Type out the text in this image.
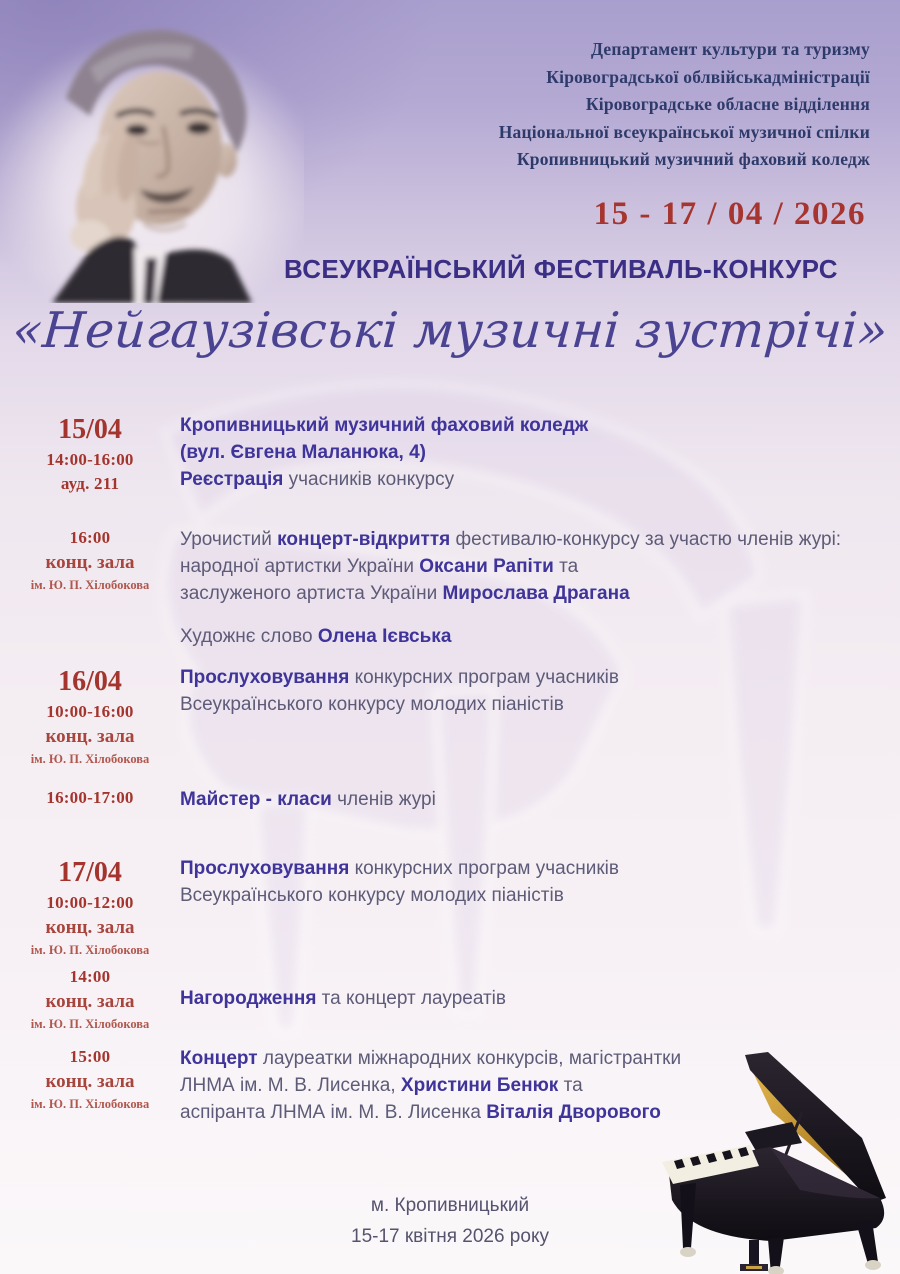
Департамент культури та туризму
Кіровоградської облвійськадміністрації
Кіровоградське обласне відділення
Національної всеукраїнської музичної спілки
Кропивницький музичний фаховий коледж
15 - 17 / 04 / 2026
ВСЕУКРАЇНСЬКИЙ ФЕСТИВАЛЬ-КОНКУРС
«Нейгаузівські музичні зустрічі»
15/04
14:00-16:00
ауд. 211
Кропивницький музичний фаховий коледж
(вул. Євгена Маланюка, 4)
Реєстрація учасників конкурсу
16:00
конц. зала
ім. Ю. П. Хілобокова
Урочистий концерт-відкриття фестивалю-конкурсу за участю членів журі:
народної артистки України Оксани Рапіти та
заслуженого артиста України Мирослава Драгана
Художнє слово Олена Ієвська
16/04
10:00-16:00
конц. зала
ім. Ю. П. Хілобокова
Прослуховування конкурсних програм учасників
Всеукраїнського конкурсу молодих піаністів
16:00-17:00	Майстер - класи членів журі
17/04
10:00-12:00
конц. зала
ім. Ю. П. Хілобокова
Прослуховування конкурсних програм учасників
Всеукраїнського конкурсу молодих піаністів
14:00
конц. зала
ім. Ю. П. Хілобокова
Нагородження та концерт лауреатів
15:00
конц. зала
ім. Ю. П. Хілобокова
Концерт лауреатки міжнародних конкурсів, магістрантки
ЛНМА ім. М. В. Лисенка, Христини Бенюк та
аспіранта ЛНМА ім. М. В. Лисенка Віталія Дворового
м. Кропивницький
15-17 квітня 2026 року
